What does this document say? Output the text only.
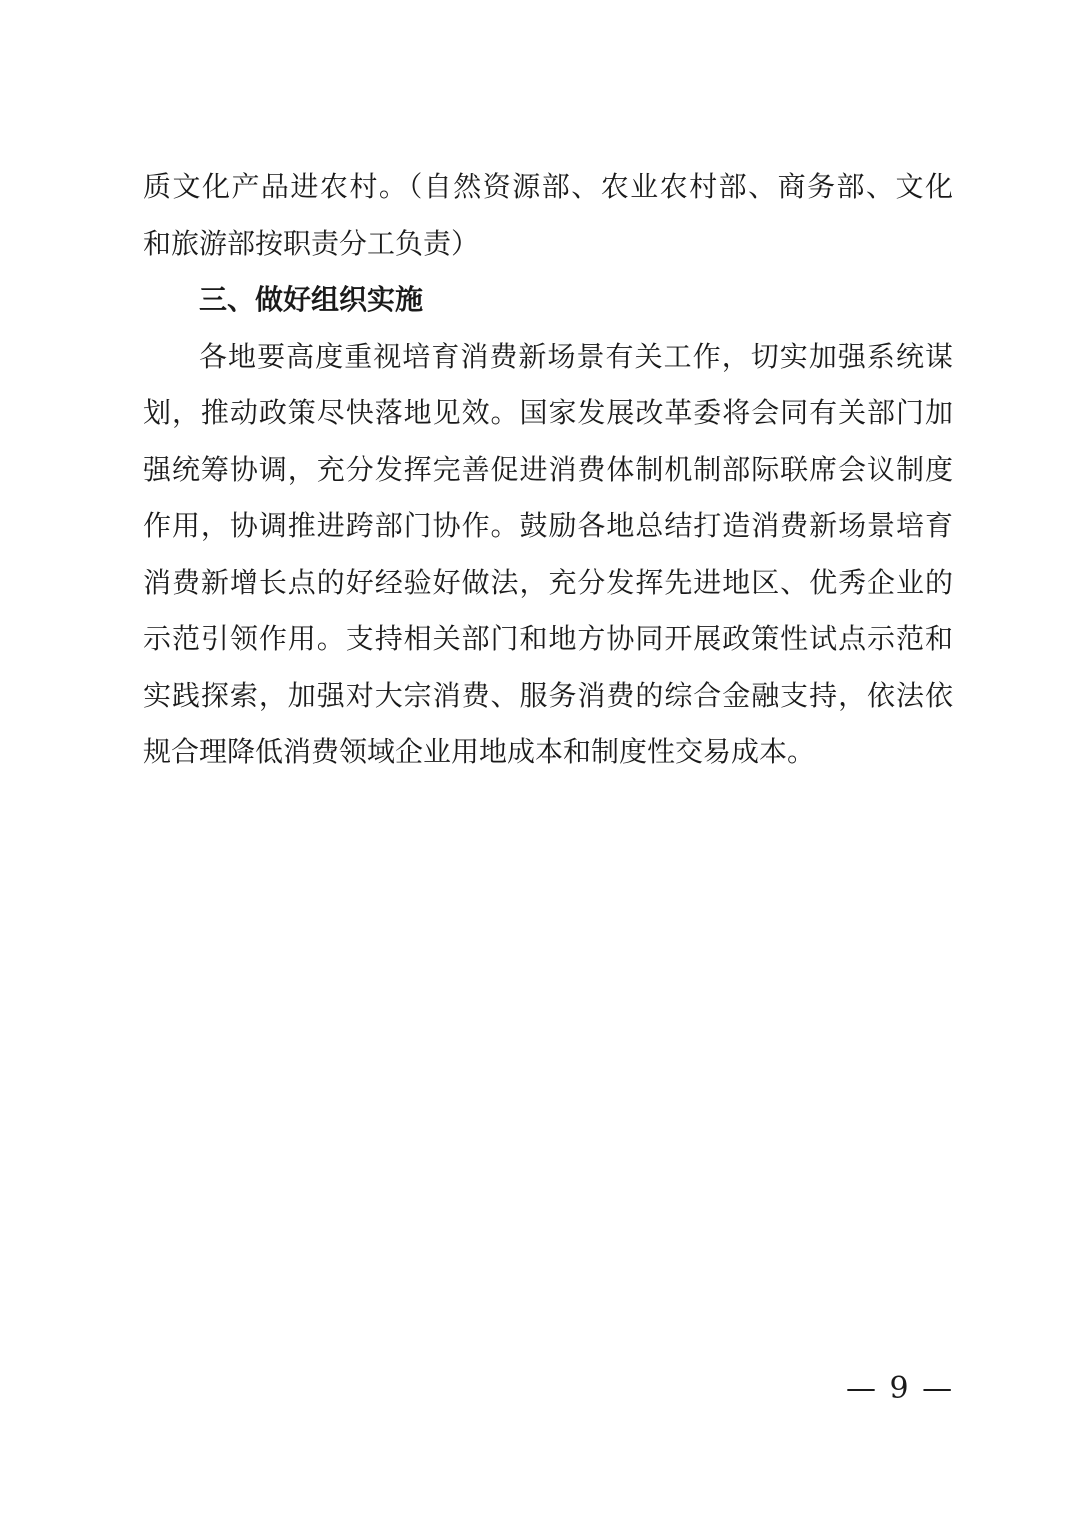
质文化产品进农村。（自然资源部、农业农村部、商务部、文化
和旅游部按职责分工负责）
三、做好组织实施
各地要高度重视培育消费新场景有关工作，切实加强系统谋
划，推动政策尽快落地见效。国家发展改革委将会同有关部门加
强统筹协调，充分发挥完善促进消费体制机制部际联席会议制度
作用，协调推进跨部门协作。鼓励各地总结打造消费新场景培育
消费新增长点的好经验好做法，充分发挥先进地区、优秀企业的
示范引领作用。支持相关部门和地方协同开展政策性试点示范和
实践探索，加强对大宗消费、服务消费的综合金融支持，依法依
规合理降低消费领域企业用地成本和制度性交易成本。
— 9 —
